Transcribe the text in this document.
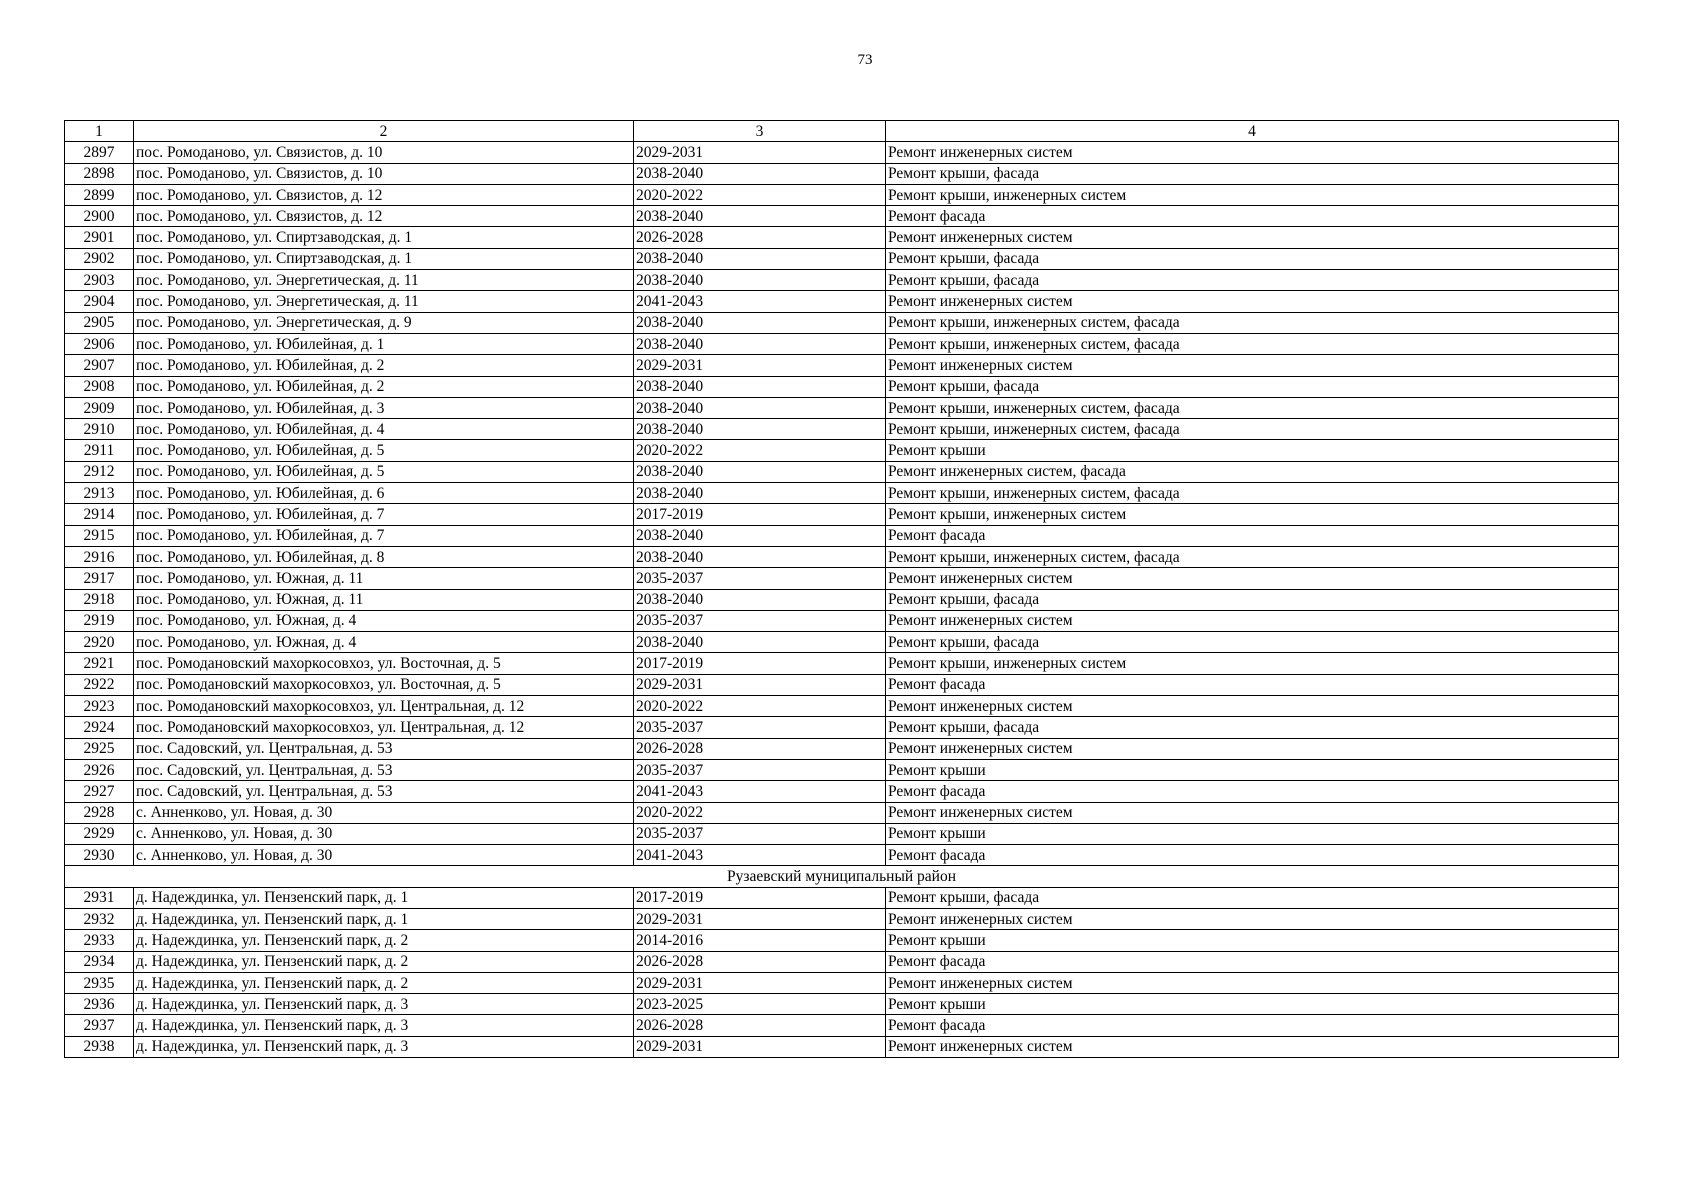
73
1	2	3	4
2897	пос. Ромоданово, ул. Связистов, д. 10	2029-2031	Ремонт инженерных систем
2898	пос. Ромоданово, ул. Связистов, д. 10	2038-2040	Ремонт крыши, фасада
2899	пос. Ромоданово, ул. Связистов, д. 12	2020-2022	Ремонт крыши, инженерных систем
2900	пос. Ромоданово, ул. Связистов, д. 12	2038-2040	Ремонт фасада
2901	пос. Ромоданово, ул. Спиртзаводская, д. 1	2026-2028	Ремонт инженерных систем
2902	пос. Ромоданово, ул. Спиртзаводская, д. 1	2038-2040	Ремонт крыши, фасада
2903	пос. Ромоданово, ул. Энергетическая, д. 11	2038-2040	Ремонт крыши, фасада
2904	пос. Ромоданово, ул. Энергетическая, д. 11	2041-2043	Ремонт инженерных систем
2905	пос. Ромоданово, ул. Энергетическая, д. 9	2038-2040	Ремонт крыши, инженерных систем, фасада
2906	пос. Ромоданово, ул. Юбилейная, д. 1	2038-2040	Ремонт крыши, инженерных систем, фасада
2907	пос. Ромоданово, ул. Юбилейная, д. 2	2029-2031	Ремонт инженерных систем
2908	пос. Ромоданово, ул. Юбилейная, д. 2	2038-2040	Ремонт крыши, фасада
2909	пос. Ромоданово, ул. Юбилейная, д. 3	2038-2040	Ремонт крыши, инженерных систем, фасада
2910	пос. Ромоданово, ул. Юбилейная, д. 4	2038-2040	Ремонт крыши, инженерных систем, фасада
2911	пос. Ромоданово, ул. Юбилейная, д. 5	2020-2022	Ремонт крыши
2912	пос. Ромоданово, ул. Юбилейная, д. 5	2038-2040	Ремонт инженерных систем, фасада
2913	пос. Ромоданово, ул. Юбилейная, д. 6	2038-2040	Ремонт крыши, инженерных систем, фасада
2914	пос. Ромоданово, ул. Юбилейная, д. 7	2017-2019	Ремонт крыши, инженерных систем
2915	пос. Ромоданово, ул. Юбилейная, д. 7	2038-2040	Ремонт фасада
2916	пос. Ромоданово, ул. Юбилейная, д. 8	2038-2040	Ремонт крыши, инженерных систем, фасада
2917	пос. Ромоданово, ул. Южная, д. 11	2035-2037	Ремонт инженерных систем
2918	пос. Ромоданово, ул. Южная, д. 11	2038-2040	Ремонт крыши, фасада
2919	пос. Ромоданово, ул. Южная, д. 4	2035-2037	Ремонт инженерных систем
2920	пос. Ромоданово, ул. Южная, д. 4	2038-2040	Ремонт крыши, фасада
2921	пос. Ромодановский махоркосовхоз, ул. Восточная, д. 5	2017-2019	Ремонт крыши, инженерных систем
2922	пос. Ромодановский махоркосовхоз, ул. Восточная, д. 5	2029-2031	Ремонт фасада
2923	пос. Ромодановский махоркосовхоз, ул. Центральная, д. 12	2020-2022	Ремонт инженерных систем
2924	пос. Ромодановский махоркосовхоз, ул. Центральная, д. 12	2035-2037	Ремонт крыши, фасада
2925	пос. Садовский, ул. Центральная, д. 53	2026-2028	Ремонт инженерных систем
2926	пос. Садовский, ул. Центральная, д. 53	2035-2037	Ремонт крыши
2927	пос. Садовский, ул. Центральная, д. 53	2041-2043	Ремонт фасада
2928	с. Анненково, ул. Новая, д. 30	2020-2022	Ремонт инженерных систем
2929	с. Анненково, ул. Новая, д. 30	2035-2037	Ремонт крыши
2930	с. Анненково, ул. Новая, д. 30	2041-2043	Ремонт фасада
Рузаевский муниципальный район			
2931	д. Надеждинка, ул. Пензенский парк, д. 1	2017-2019	Ремонт крыши, фасада
2932	д. Надеждинка, ул. Пензенский парк, д. 1	2029-2031	Ремонт инженерных систем
2933	д. Надеждинка, ул. Пензенский парк, д. 2	2014-2016	Ремонт крыши
2934	д. Надеждинка, ул. Пензенский парк, д. 2	2026-2028	Ремонт фасада
2935	д. Надеждинка, ул. Пензенский парк, д. 2	2029-2031	Ремонт инженерных систем
2936	д. Надеждинка, ул. Пензенский парк, д. 3	2023-2025	Ремонт крыши
2937	д. Надеждинка, ул. Пензенский парк, д. 3	2026-2028	Ремонт фасада
2938	д. Надеждинка, ул. Пензенский парк, д. 3	2029-2031	Ремонт инженерных систем
